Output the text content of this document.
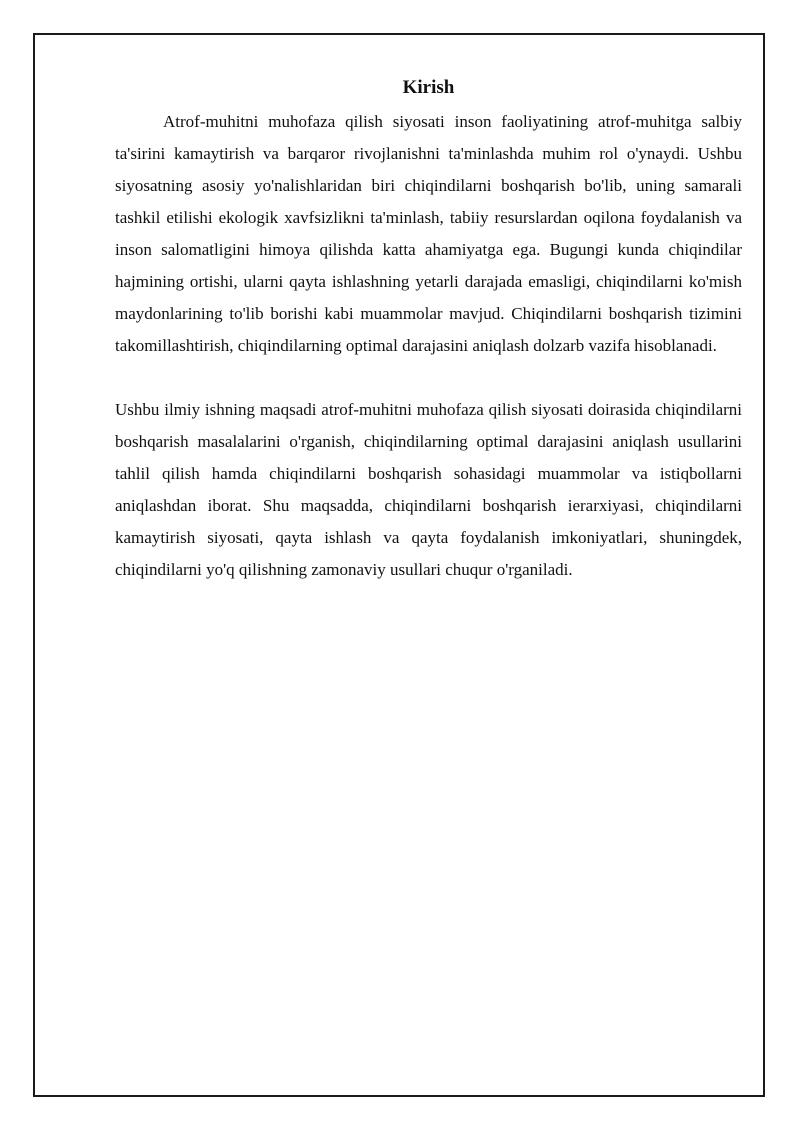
Kirish

Atrof-muhitni muhofaza qilish siyosati inson faoliyatining atrof-muhitga salbiy ta'sirini kamaytirish va barqaror rivojlanishni ta'minlashda muhim rol o'ynaydi. Ushbu siyosatning asosiy yo'nalishlaridan biri chiqindilarni boshqarish bo'lib, uning samarali tashkil etilishi ekologik xavfsizlikni ta'minlash, tabiiy resurslardan oqilona foydalanish va inson salomatligini himoya qilishda katta ahamiyatga ega. Bugungi kunda chiqindilar hajmining ortishi, ularni qayta ishlashning yetarli darajada emasligi, chiqindilarni ko'mish maydonlarining to'lib borishi kabi muammolar mavjud. Chiqindilarni boshqarish tizimini takomillashtirish, chiqindilarning optimal darajasini aniqlash dolzarb vazifa hisoblanadi.

Ushbu ilmiy ishning maqsadi atrof-muhitni muhofaza qilish siyosati doirasida chiqindilarni boshqarish masalalarini o'rganish, chiqindilarning optimal darajasini aniqlash usullarini tahlil qilish hamda chiqindilarni boshqarish sohasidagi muammolar va istiqbollarni aniqlashdan iborat. Shu maqsadda, chiqindilarni boshqarish ierarxiyasi, chiqindilarni kamaytirish siyosati, qayta ishlash va qayta foydalanish imkoniyatlari, shuningdek, chiqindilarni yo'q qilishning zamonaviy usullari chuqur o'rganiladi.
